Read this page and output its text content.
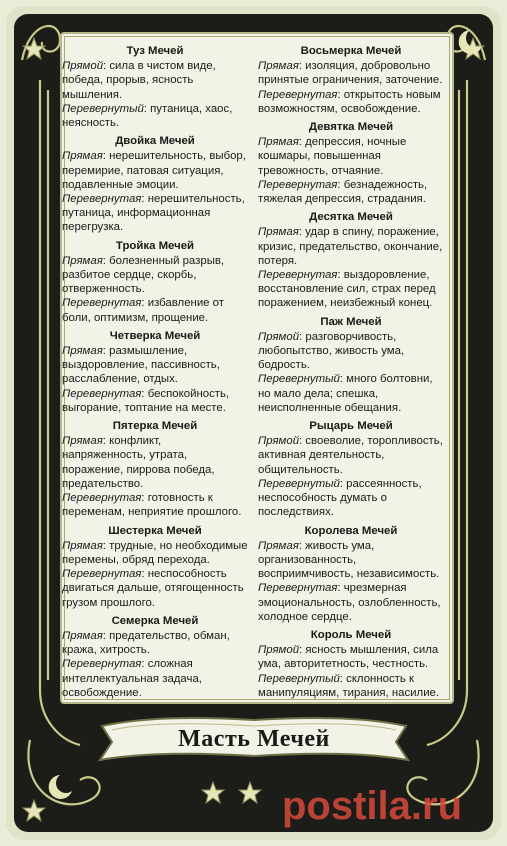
Туз Мечей

Прямой: сила в чистом виде, победа, прорыв, ясность мышления.

Перевернутый: путаница, хаос, неясность.

Двойка Мечей

Прямая: нерешительность, выбор, перемирие, патовая ситуация, подавленные эмоции.

Перевернутая: нерешительность, путаница, информационная перегрузка.

Тройка Мечей

Прямая: болезненный разрыв, разбитое сердце, скорбь, отверженность.

Перевернутая: избавление от боли, оптимизм, прощение.

Четверка Мечей

Прямая: размышление, выздоровление, пассивность, расслабление, отдых.

Перевернутая: беспокойность, выгорание, топтание на месте.

Пятерка Мечей

Прямая: конфликт, напряженность, утрата, поражение, пиррова победа, предательство.

Перевернутая: готовность к переменам, неприятие прошлого.

Шестерка Мечей

Прямая: трудные, но необходимые перемены, обряд перехода.

Перевернутая: неспособность двигаться дальше, отягощенность грузом прошлого.

Семерка Мечей

Прямая: предательство, обман, кража, хитрость.

Перевернутая: сложная интеллектуальная задача, освобождение.

Восьмерка Мечей

Прямая: изоляция, добровольно принятые ограничения, заточение.

Перевернутая: открытость новым возможностям, освобождение.

Девятка Мечей

Прямая: депрессия, ночные кошмары, повышенная тревожность, отчаяние.

Перевернутая: безнадежность, тяжелая депрессия, страдания.

Десятка Мечей

Прямая: удар в спину, поражение, кризис, предательство, окончание, потеря.

Перевернутая: выздоровление, восстановление сил, страх перед поражением, неизбежный конец.

Паж Мечей

Прямой: разговорчивость, любопытство, живость ума, бодрость.

Перевернутый: много болтовни, но мало дела; спешка, неисполненные обещания.

Рыцарь Мечей

Прямой: своеволие, торопливость, активная деятельность, общительность.

Перевернутый: рассеянность, неспособность думать о последствиях.

Королева Мечей

Прямая: живость ума, организованность, восприимчивость, независимость.

Перевернутая: чрезмерная эмоциональность, озлобленность, холодное сердце.

Король Мечей

Прямой: ясность мышления, сила ума, авторитетность, честность.

Перевернутый: склонность к манипуляциям, тирания, насилие.

Масть Мечей
postila.ru
